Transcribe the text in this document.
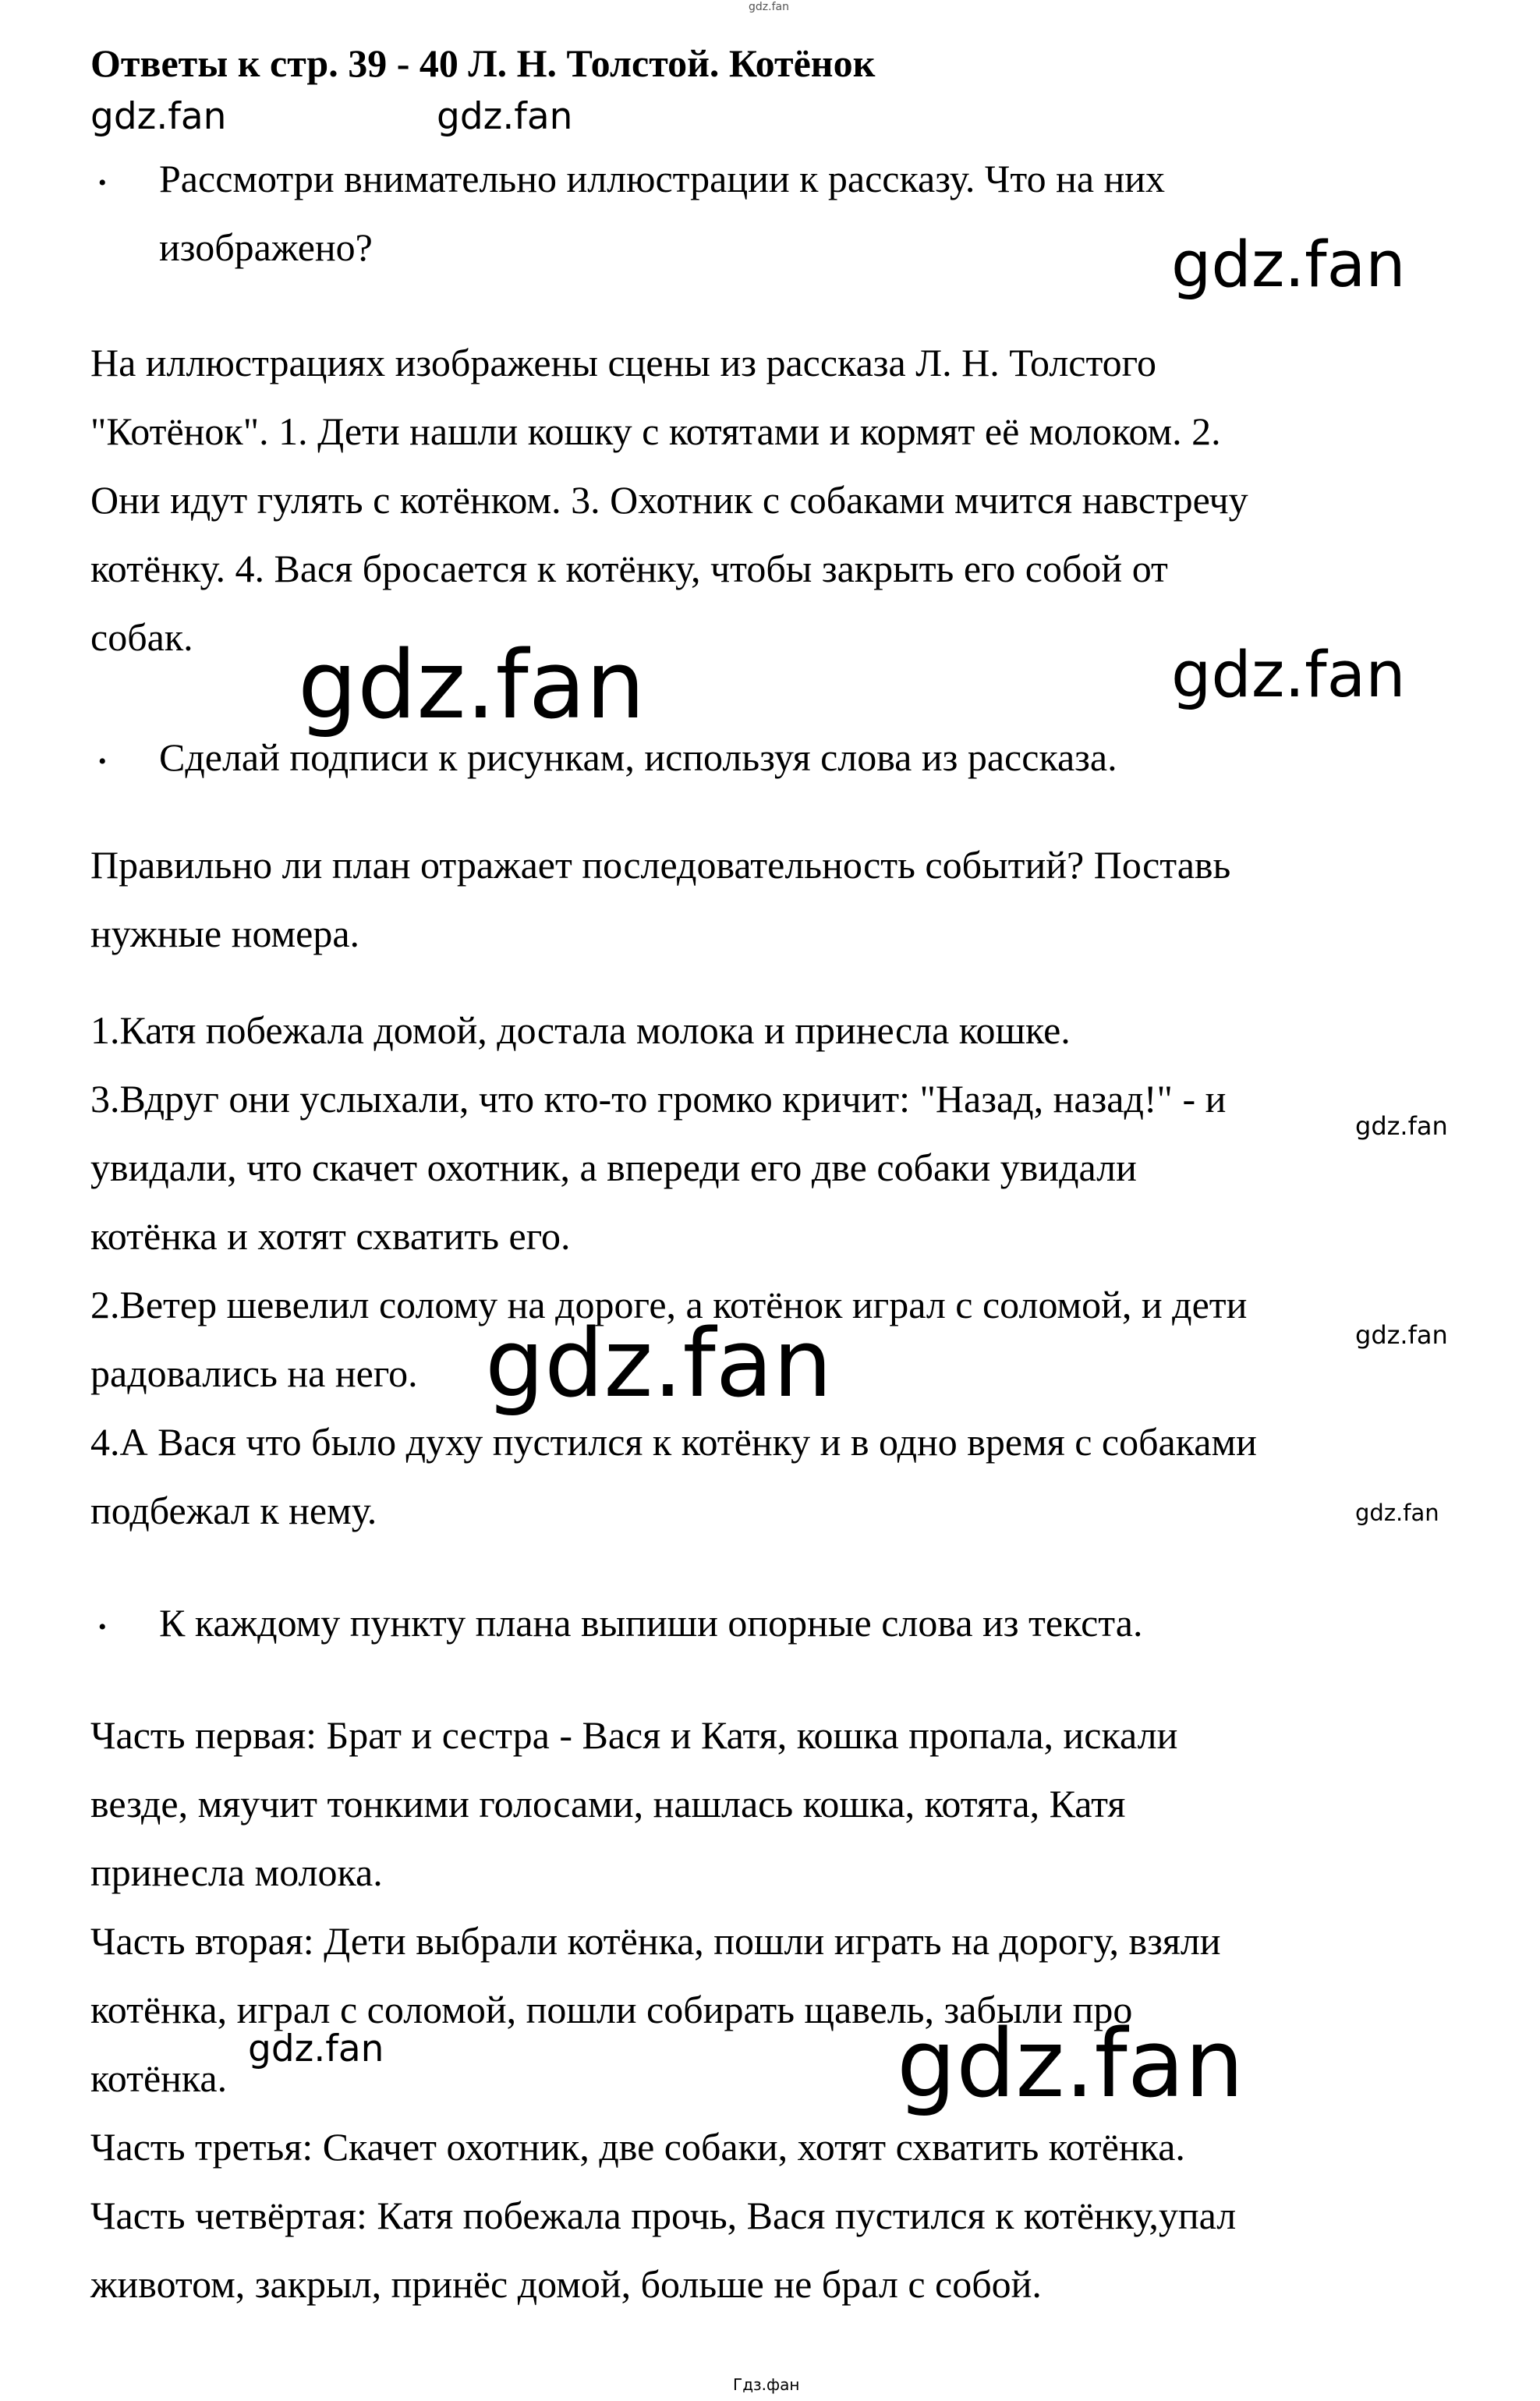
gdz.fan
Ответы к стр. 39 - 40 Л. Н. Толстой. Котёнок
gdz.fan	gdz.fan
• Рассмотри внимательно иллюстрации к рассказу. Что на них
изображено?	gdz.fan
На иллюстрациях изображены сцены из рассказа Л. Н. Толстого
"Котёнок". 1. Дети нашли кошку с котятами и кормят её молоком. 2.
Они идут гулять с котёнком. 3. Охотник с собаками мчится навстречу
котёнку. 4. Вася бросается к котёнку, чтобы закрыть его собой от
собак. gdz.fan	gdz.fan
• Сделай подписи к рисункам, используя слова из рассказа.
Правильно ли план отражает последовательность событий? Поставь
нужные номера.
1.Катя побежала домой, достала молока и принесла кошке.
3.Вдруг они услыхали, что кто-то громко кричит: "Назад, назад!" - и
gdz.fan
увидали, что скачет охотник, а впереди его две собаки увидали
котёнка и хотят схватить его.
2.Ветер шевелил солому на дороге, а котёнок играл с соломой, и дети
gdz.fan
радовались на него. gdz.fan
4.А Вася что было духу пустился к котёнку и в одно время с собаками
подбежал к нему.	gdz.fan
• К каждому пункту плана выпиши опорные слова из текста.
Часть первая: Брат и сестра - Вася и Катя, кошка пропала, искали
везде, мяучит тонкими голосами, нашлась кошка, котята, Катя
принесла молока.
Часть вторая: Дети выбрали котёнка, пошли играть на дорогу, взяли
котёнка, играл с соломой, пошли собирать щавель, забыли про
gdz.fan
котёнка.	gdz.fan
Часть третья: Скачет охотник, две собаки, хотят схватить котёнка.
Часть четвёртая: Катя побежала прочь, Вася пустился к котёнку,упал
животом, закрыл, принёс домой, больше не брал с собой.
Гдз.фан
